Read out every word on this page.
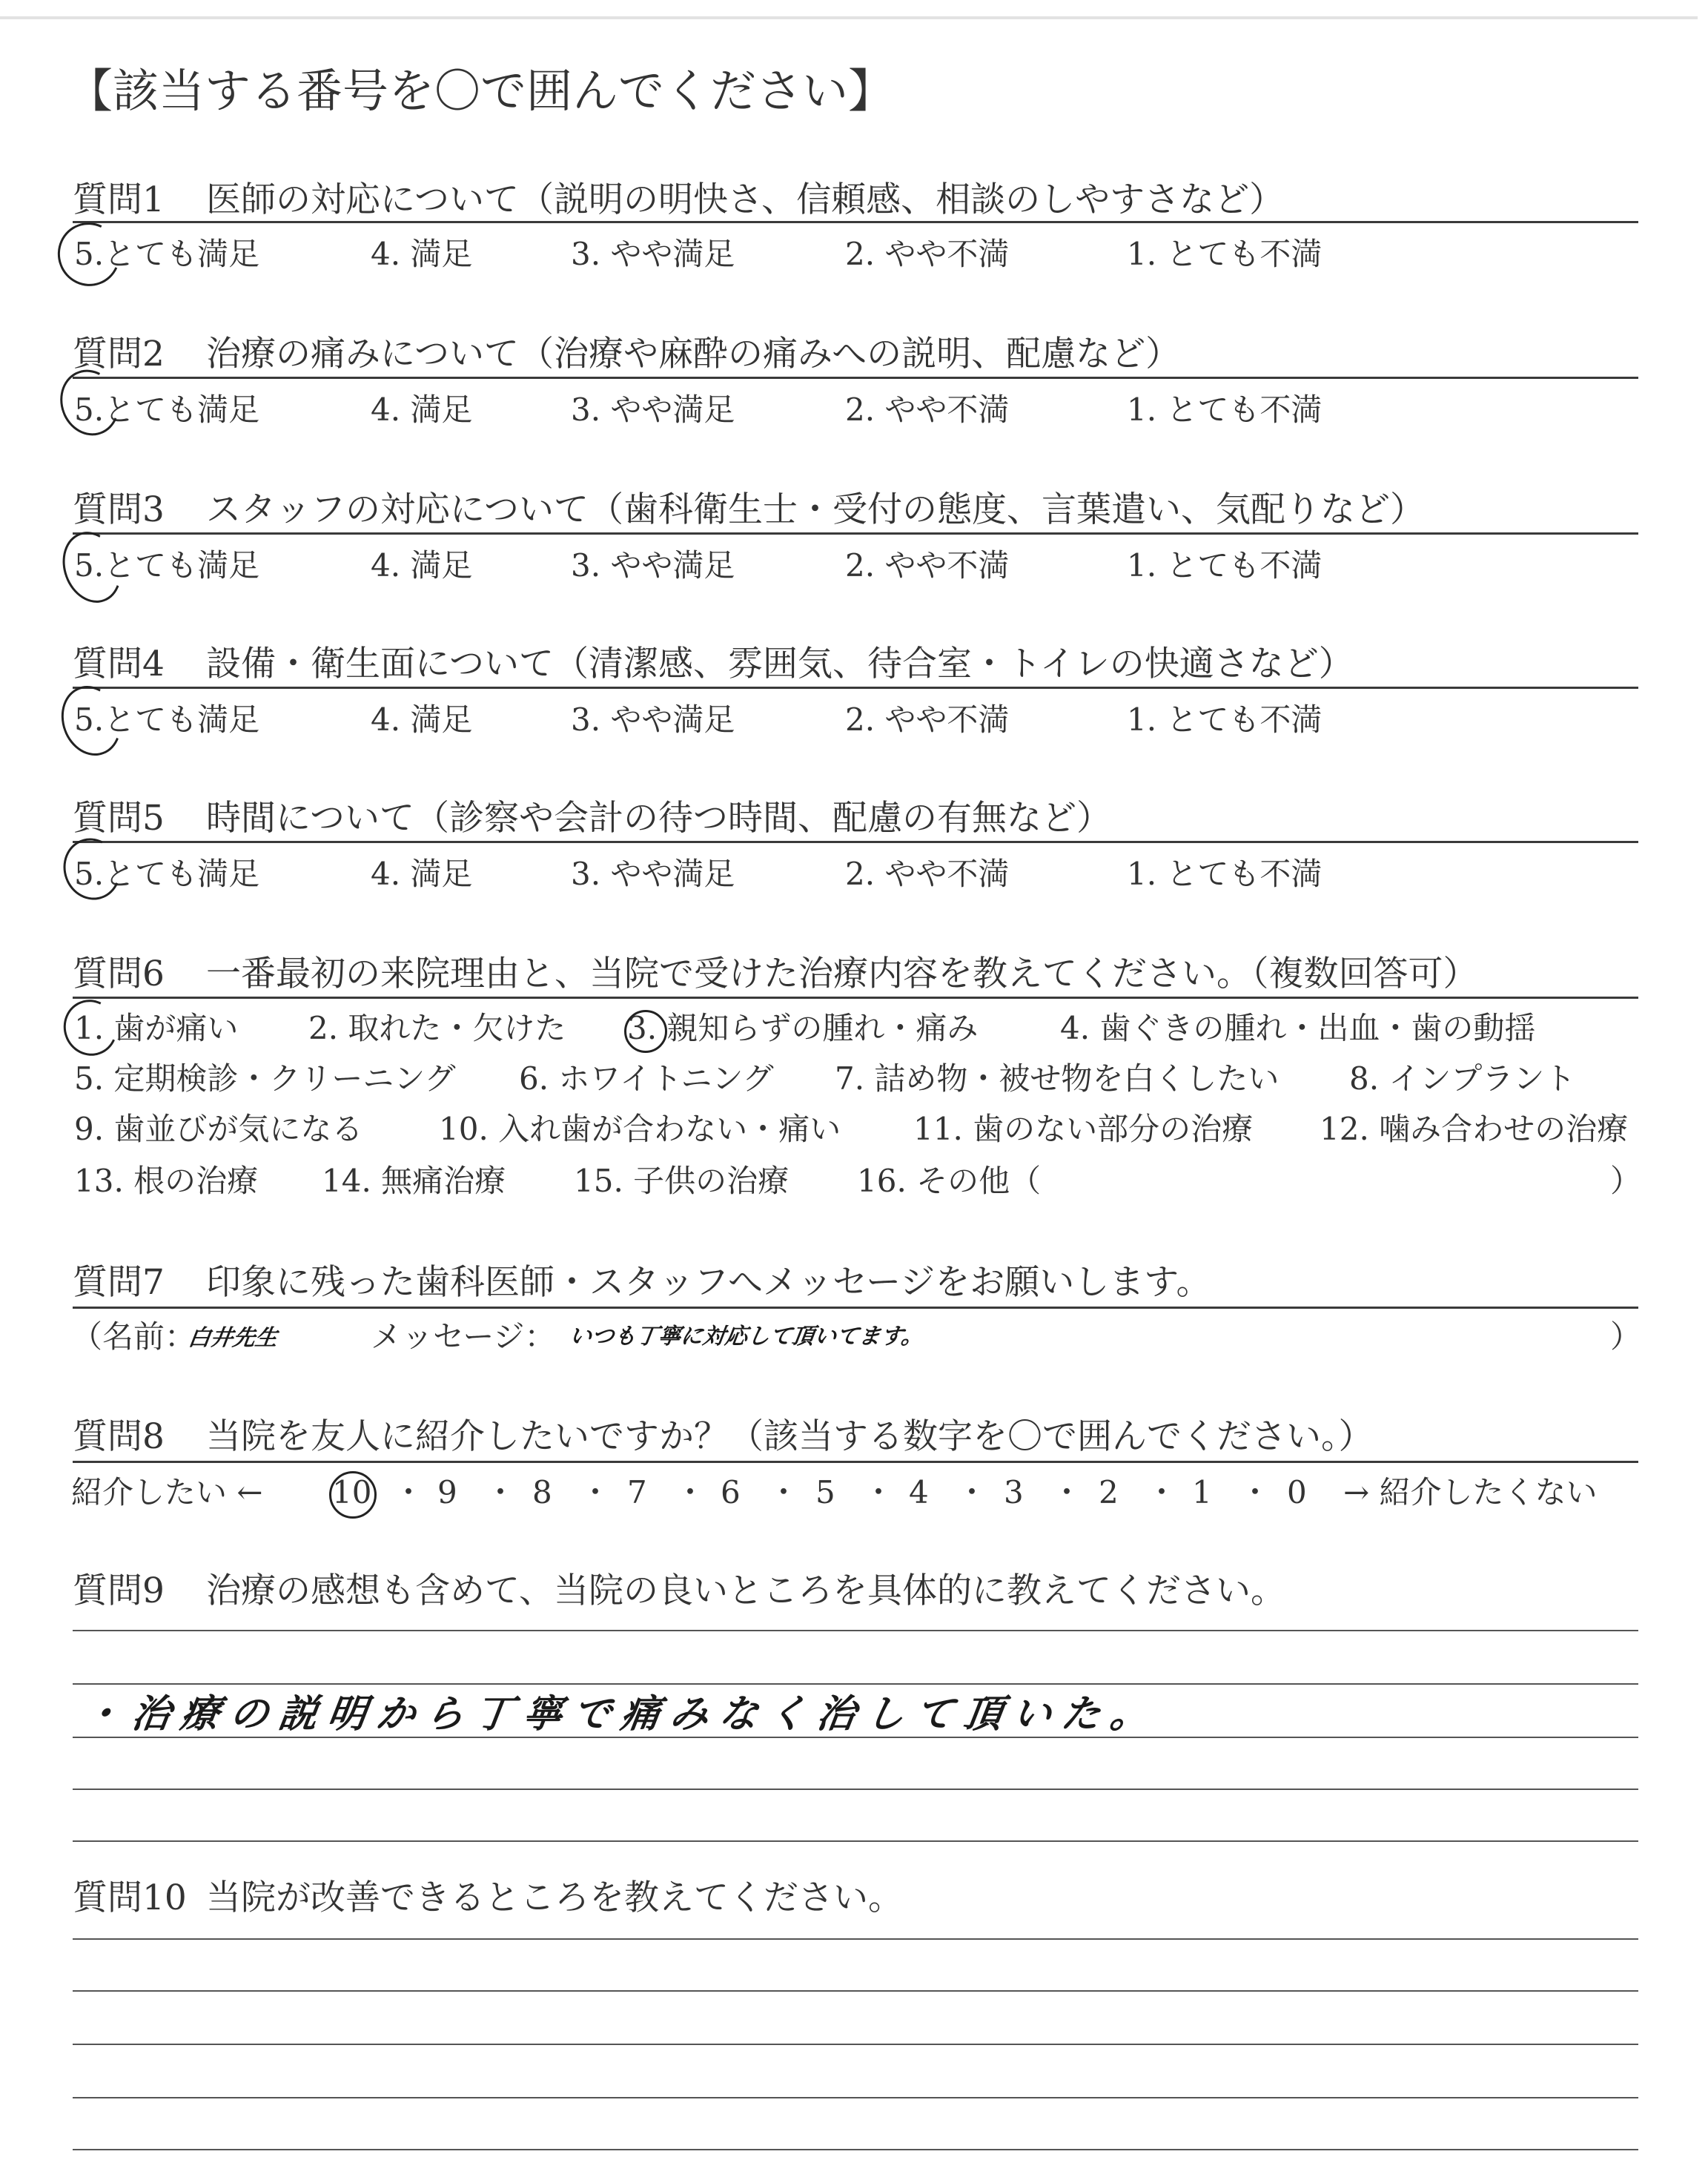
【該当する番号を〇で囲んでください】
質問1 医師の対応について（説明の明快さ、信頼感、相談のしやすさなど）
5.とても満足	4. 満足	3. やや満足	2. やや不満	1. とても不満
質問2 治療の痛みについて（治療や麻酔の痛みへの説明、配慮など）
5.とても満足	4. 満足	3. やや満足	2. やや不満	1. とても不満
質問3 スタッフの対応について（歯科衛生士・受付の態度、言葉遣い、気配りなど）
5.とても満足	4. 満足	3. やや満足	2. やや不満	1. とても不満
質問4 設備・衛生面について（清潔感、雰囲気、待合室・トイレの快適さなど）
5.とても満足	4. 満足	3. やや満足	2. やや不満	1. とても不満
質問5 時間について（診察や会計の待つ時間、配慮の有無など）
5.とても満足	4. 満足	3. やや満足	2. やや不満	1. とても不満
質問6 一番最初の来院理由と、当院で受けた治療内容を教えてください。（複数回答可）
1. 歯が痛い 2. 取れた・欠けた 3. 親知らずの腫れ・痛み	4. 歯ぐきの腫れ・出血・歯の動揺
5. 定期検診・クリーニング 6. ホワイトニング 7. 詰め物・被せ物を白くしたい 8. インプラント
9. 歯並びが気になる 10. 入れ歯が合わない・痛い 11. 歯のない部分の治療 12. 噛み合わせの治療
13. 根の治療 14. 無痛治療 15. 子供の治療 16. その他（	）
質問7 印象に残った歯科医師・スタッフへメッセージをお願いします。
（名前：
白井先生	メッセージ： いつも丁寧に対応して頂いてます。	）
質問8 当院を友人に紹介したいですか？（該当する数字を〇で囲んでください。）
紹介したい ← 10 ・ 9 ・ 8 ・ 7 ・ 6 ・ 5 ・ 4 ・ 3 ・ 2 ・ 1 ・ 0 → 紹介したくない
質問9 治療の感想も含めて、当院の良いところを具体的に教えてください。
・治療の説明から丁寧で痛みなく治して頂いた。
質問10 当院が改善できるところを教えてください。
